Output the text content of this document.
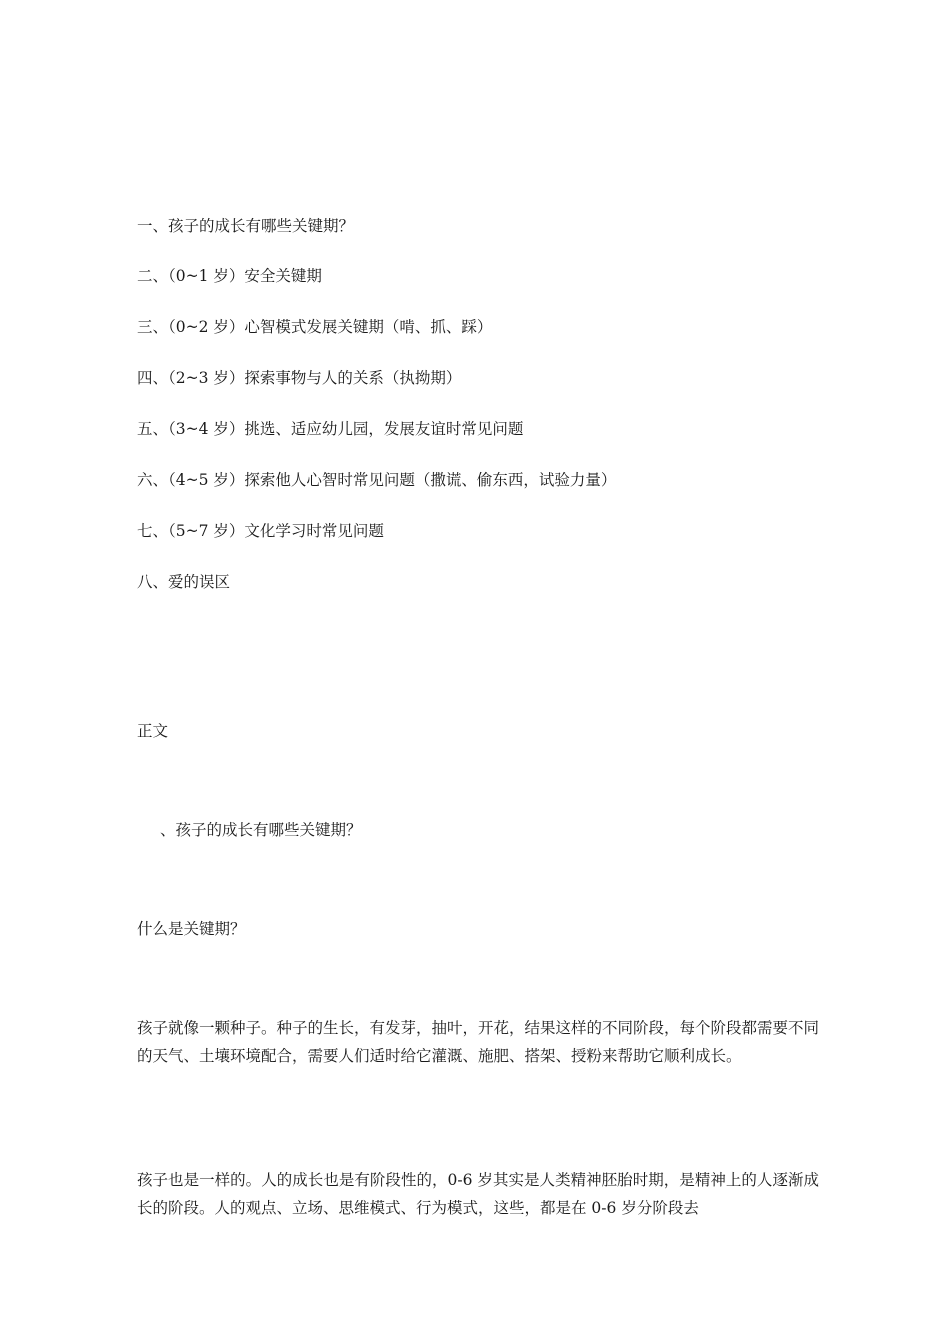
一、孩子的成长有哪些关键期？
二、（0~1 岁）安全关键期
三、（0~2 岁）心智模式发展关键期（啃、抓、踩）
四、（2~3 岁）探索事物与人的关系（执拗期）
五、（3~4 岁）挑选、适应幼儿园，发展友谊时常见问题
六、（4~5 岁）探索他人心智时常见问题（撒谎、偷东西，试验力量）
七、（5~7 岁）文化学习时常见问题
八、爱的误区
正文
、孩子的成长有哪些关键期？
什么是关键期？
孩子就像一颗种子。种子的生长，有发芽，抽叶，开花，结果这样的不同阶段，每个阶段都需要不同的天气、土壤环境配合，需要人们适时给它灌溉、施肥、搭架、授粉来帮助它顺利成长。
孩子也是一样的。人的成长也是有阶段性的，0-6 岁其实是人类精神胚胎时期，是精神上的人逐渐成长的阶段。人的观点、立场、思维模式、行为模式，这些，都是在 0-6 岁分阶段去
